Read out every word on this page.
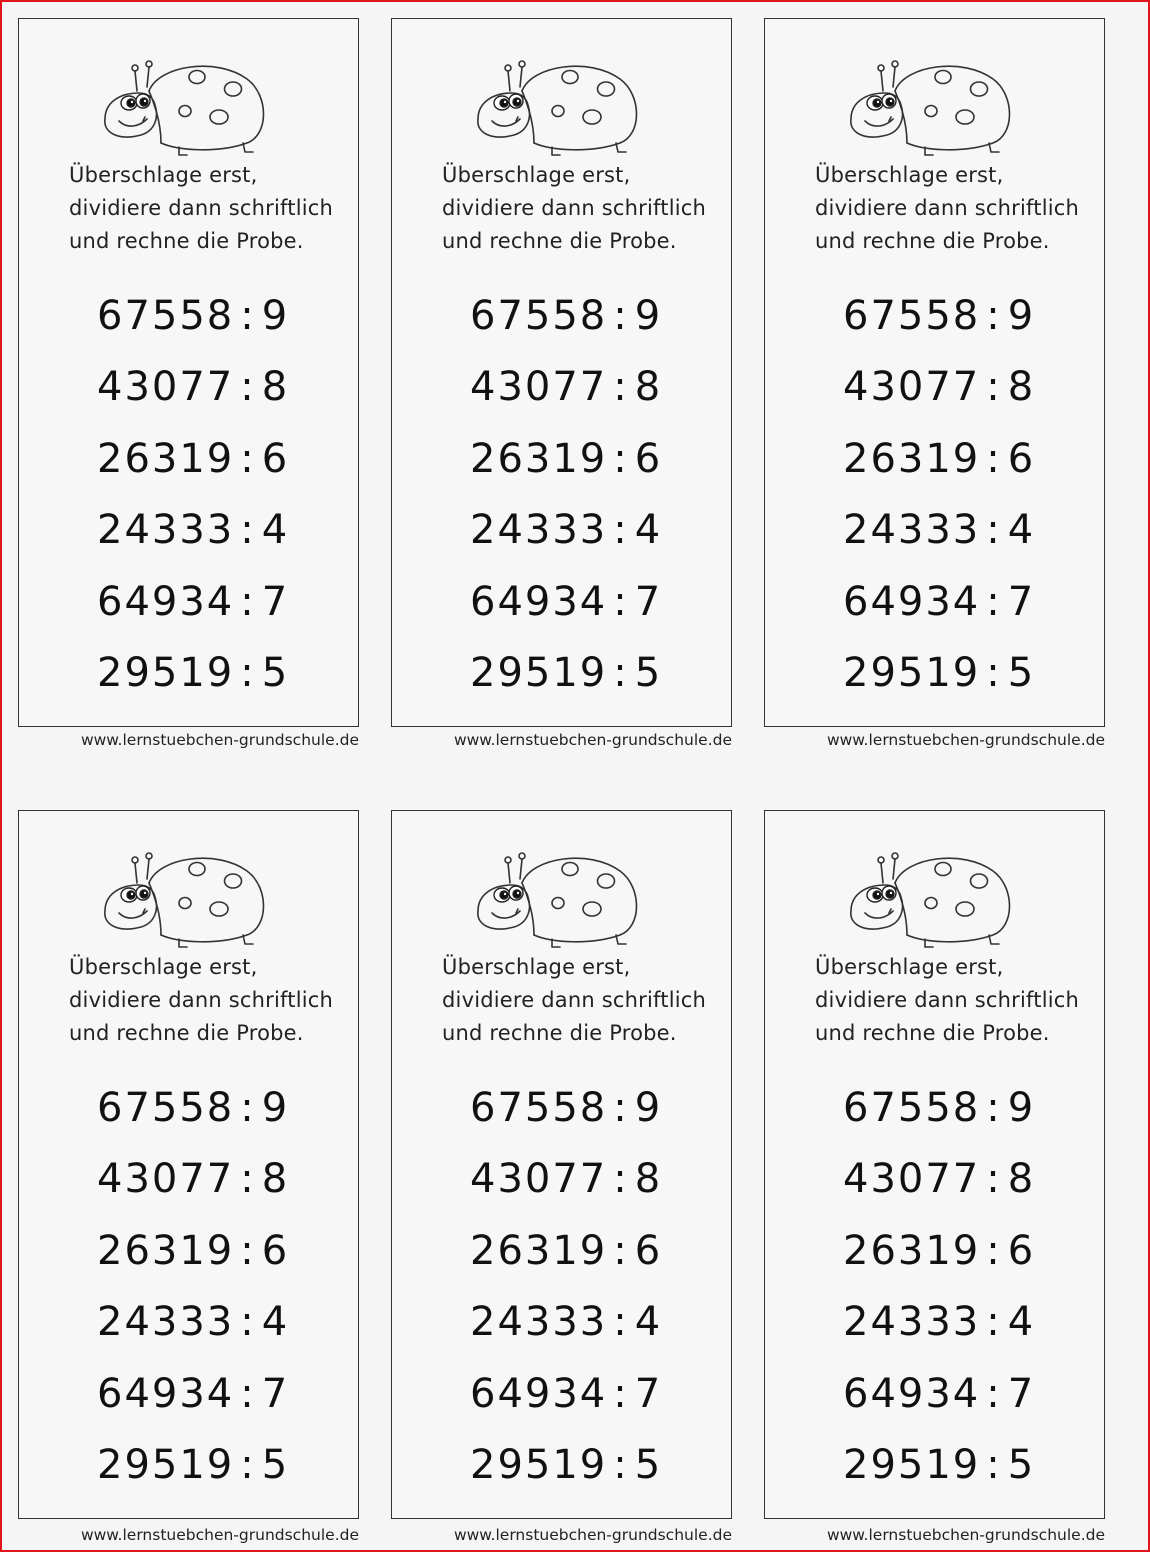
Überschlage erst,
dividiere dann schriftlich
und rechne die Probe.
67558 : 9
43077 : 8
26319 : 6
24333 : 4
64934 : 7
29519 : 5
www.lernstuebchen-grundschule.de
Überschlage erst,
dividiere dann schriftlich
und rechne die Probe.
67558 : 9
43077 : 8
26319 : 6
24333 : 4
64934 : 7
29519 : 5
www.lernstuebchen-grundschule.de
Überschlage erst,
dividiere dann schriftlich
und rechne die Probe.
67558 : 9
43077 : 8
26319 : 6
24333 : 4
64934 : 7
29519 : 5
www.lernstuebchen-grundschule.de
Überschlage erst,
dividiere dann schriftlich
und rechne die Probe.
67558 : 9
43077 : 8
26319 : 6
24333 : 4
64934 : 7
29519 : 5
www.lernstuebchen-grundschule.de
Überschlage erst,
dividiere dann schriftlich
und rechne die Probe.
67558 : 9
43077 : 8
26319 : 6
24333 : 4
64934 : 7
29519 : 5
www.lernstuebchen-grundschule.de
Überschlage erst,
dividiere dann schriftlich
und rechne die Probe.
67558 : 9
43077 : 8
26319 : 6
24333 : 4
64934 : 7
29519 : 5
www.lernstuebchen-grundschule.de
